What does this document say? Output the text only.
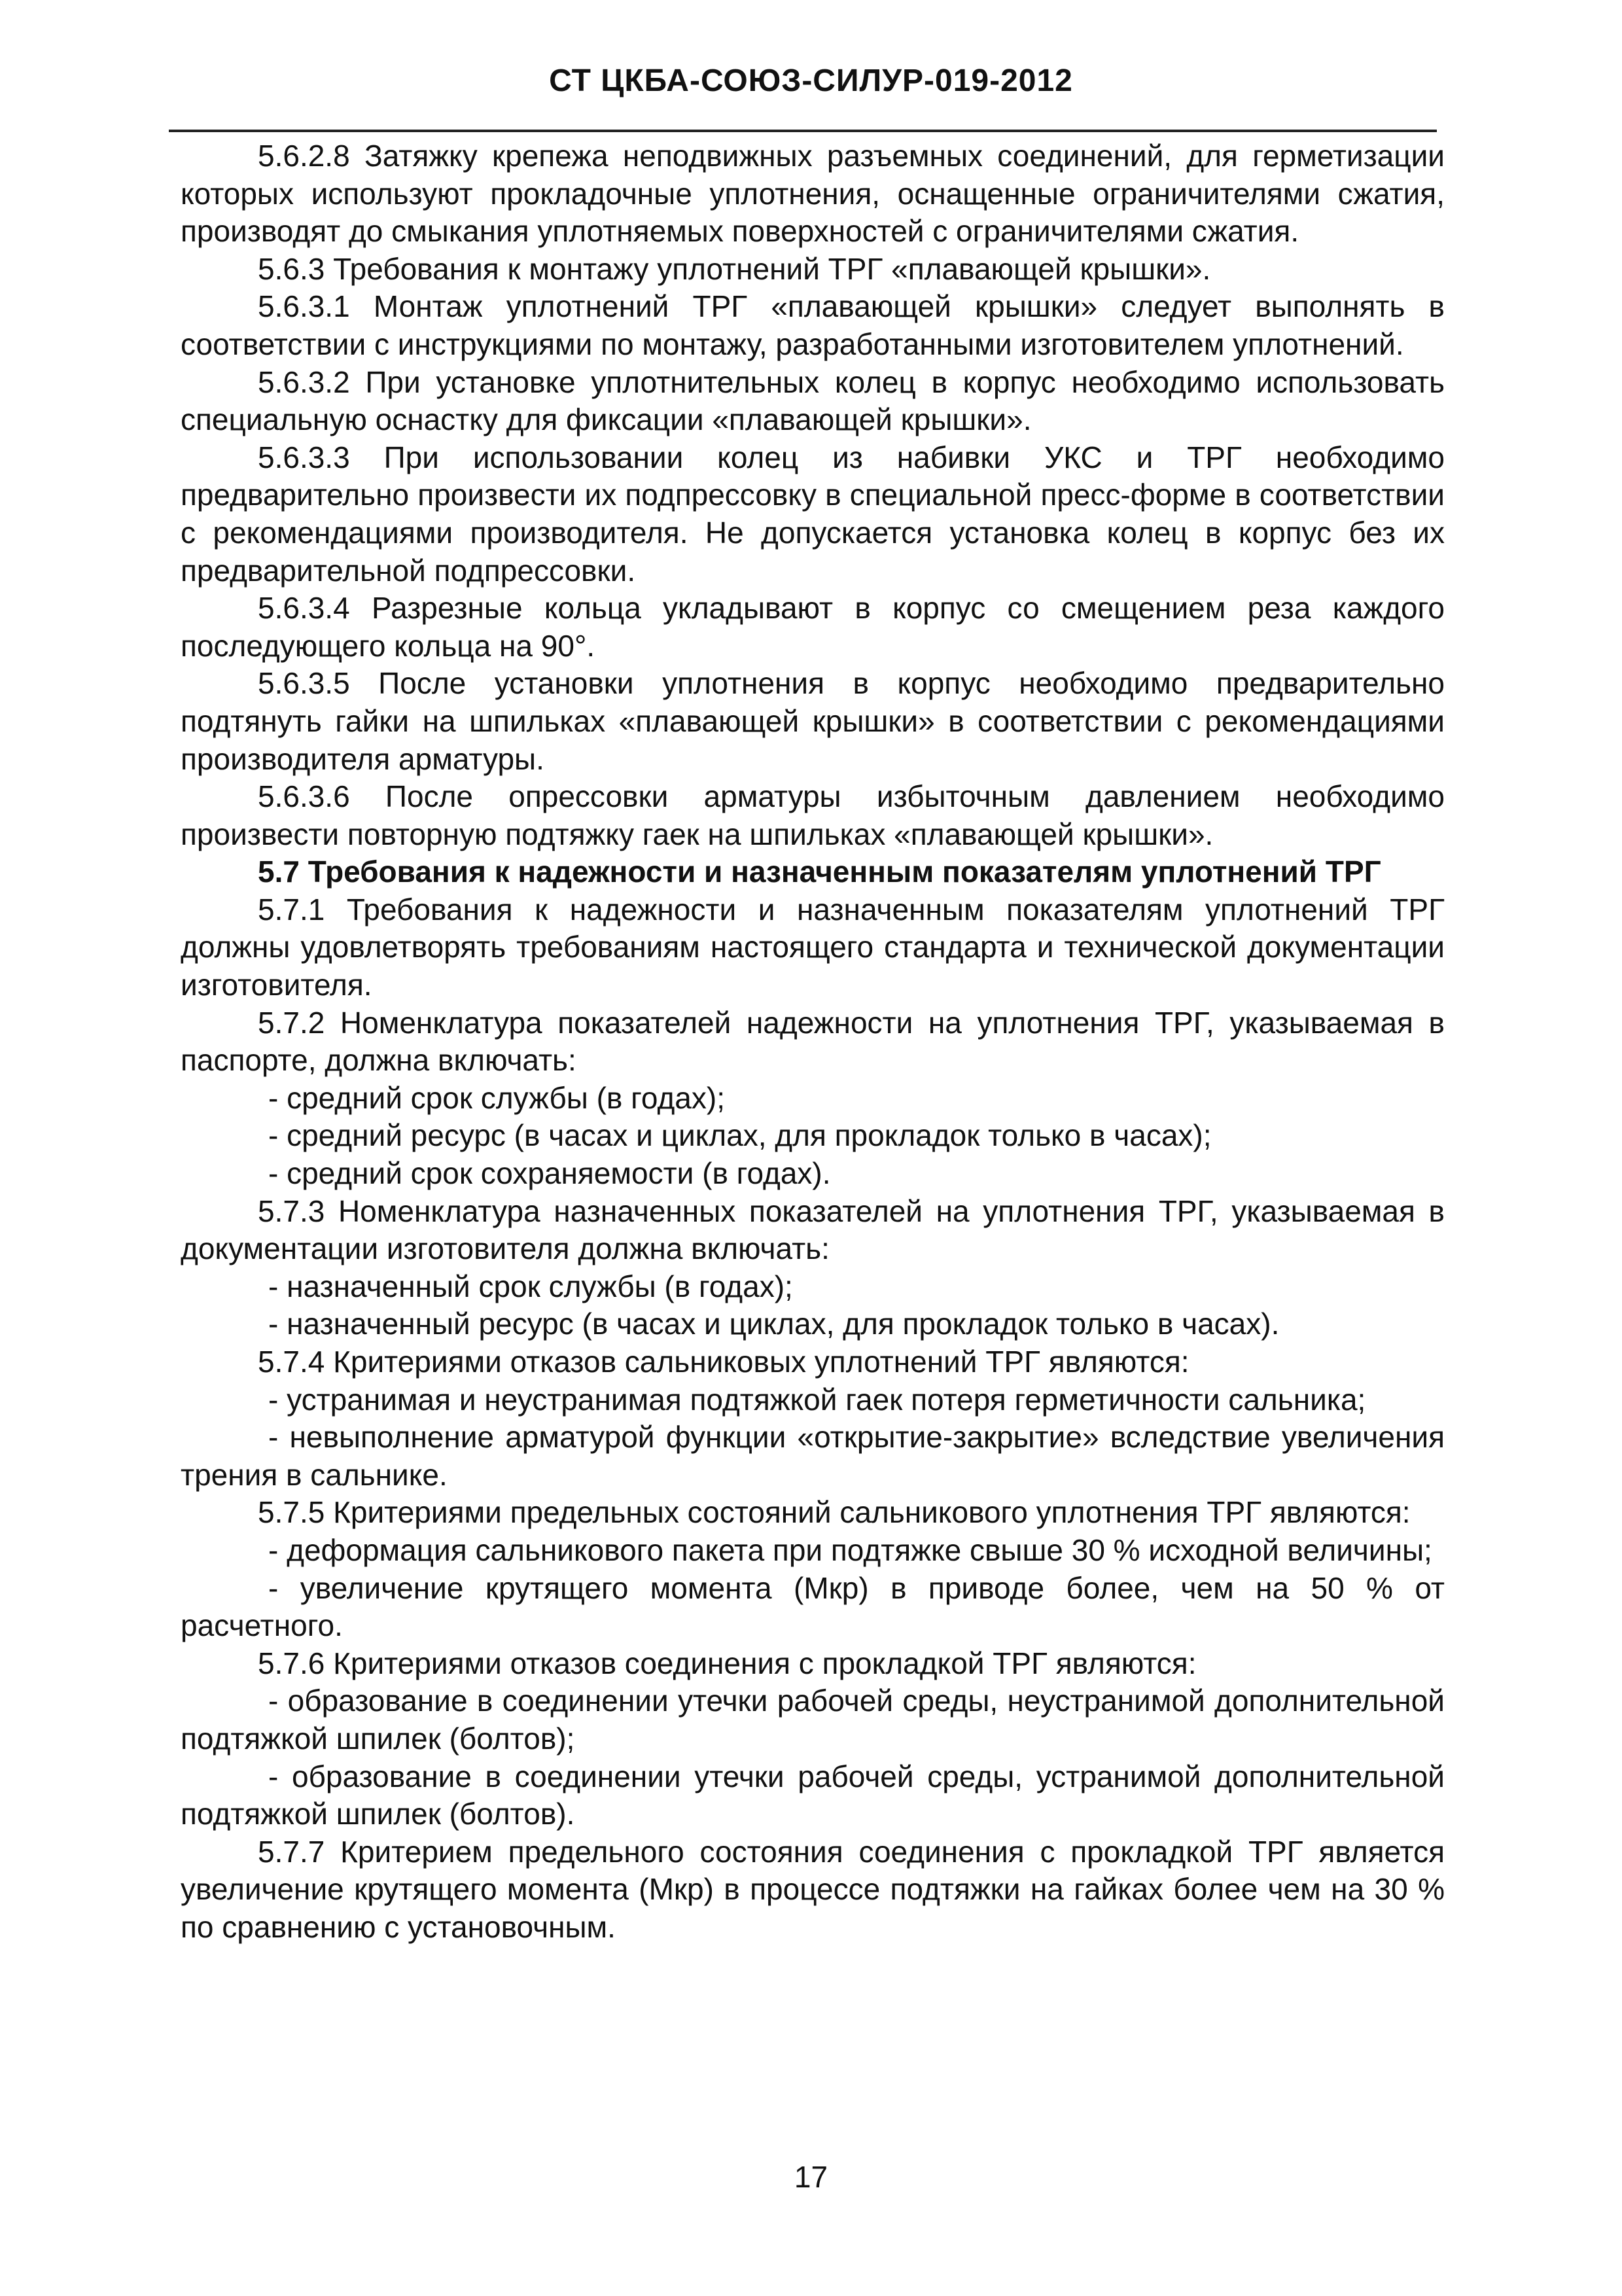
СТ ЦКБА-СОЮЗ-СИЛУР-019-2012

5.6.2.8 Затяжку крепежа неподвижных разъемных соединений, для герметизации которых используют прокладочные уплотнения, оснащенные ограничителями сжатия, производят до смыкания уплотняемых поверхностей с ограничителями сжатия.

5.6.3 Требования к монтажу уплотнений ТРГ «плавающей крышки».

5.6.3.1 Монтаж уплотнений ТРГ «плавающей крышки» следует выполнять в соответствии с инструкциями по монтажу, разработанными изготовителем уплотнений.

5.6.3.2 При установке уплотнительных колец в корпус необходимо использовать специальную оснастку для фиксации «плавающей крышки».

5.6.3.3 При использовании колец из набивки УКС и ТРГ необходимо предварительно произвести их подпрессовку в специальной пресс-форме в соответствии с рекомендациями производителя. Не допускается установка колец в корпус без их предварительной подпрессовки.

5.6.3.4 Разрезные кольца укладывают в корпус со смещением реза каждого последующего кольца на 90°.

5.6.3.5 После установки уплотнения в корпус необходимо предварительно подтянуть гайки на шпильках «плавающей крышки» в соответствии с рекомендациями производителя арматуры.

5.6.3.6 После опрессовки арматуры избыточным давлением необходимо произвести повторную подтяжку гаек на шпильках «плавающей крышки».

5.7 Требования к надежности и назначенным показателям уплотнений ТРГ

5.7.1 Требования к надежности и назначенным показателям уплотнений ТРГ должны удовлетворять требованиям настоящего стандарта и технической документации изготовителя.

5.7.2 Номенклатура показателей надежности на уплотнения ТРГ, указываемая в паспорте, должна включать:

- средний срок службы (в годах);

- средний ресурс (в часах и циклах, для прокладок только в часах);

- средний срок сохраняемости (в годах).

5.7.3 Номенклатура назначенных показателей на уплотнения ТРГ, указываемая в документации изготовителя должна включать:

- назначенный срок службы (в годах);

- назначенный ресурс (в часах и циклах, для прокладок только в часах).

5.7.4 Критериями отказов сальниковых уплотнений ТРГ являются:

- устранимая и неустранимая подтяжкой гаек потеря герметичности сальника;

- невыполнение арматурой функции «открытие-закрытие» вследствие увеличения трения в сальнике.

5.7.5 Критериями предельных состояний сальникового уплотнения ТРГ являются:

- деформация сальникового пакета при подтяжке свыше 30 % исходной величины;

- увеличение крутящего момента (Мкр) в приводе более, чем на 50 % от расчетного.

5.7.6 Критериями отказов соединения с прокладкой ТРГ являются:

- образование в соединении утечки рабочей среды, неустранимой дополнительной подтяжкой шпилек (болтов);

- образование в соединении утечки рабочей среды, устранимой дополнительной подтяжкой шпилек (болтов).

5.7.7 Критерием предельного состояния соединения с прокладкой ТРГ является увеличение крутящего момента (Мкр) в процессе подтяжки на гайках более чем на 30 % по сравнению с установочным.

17
